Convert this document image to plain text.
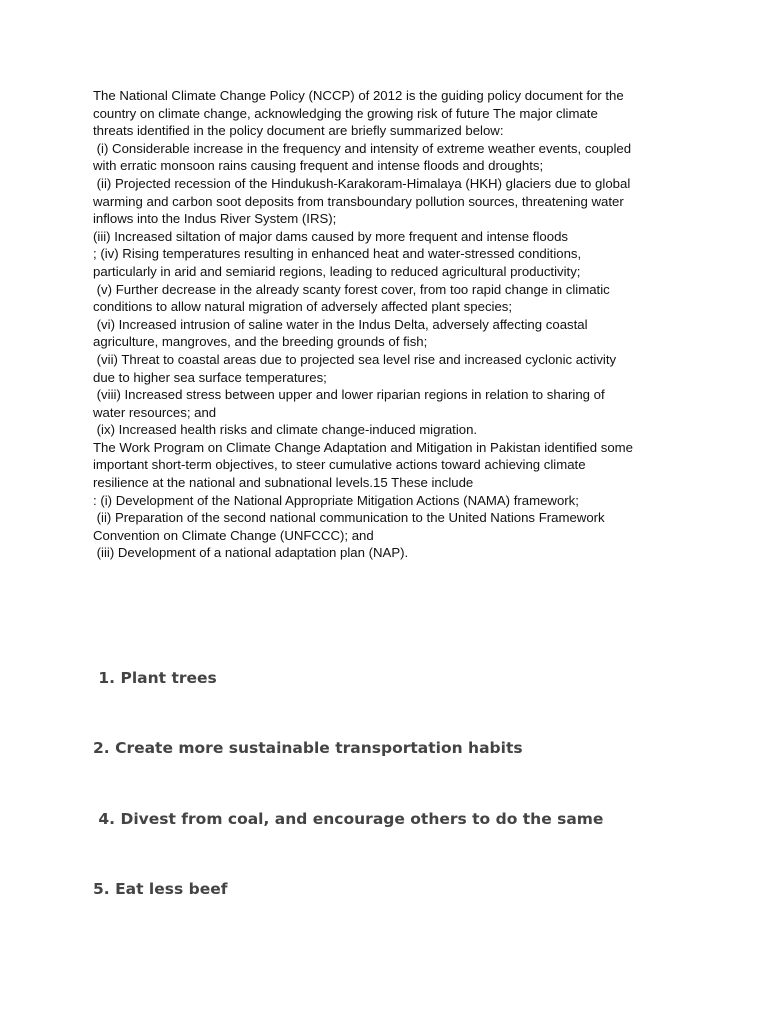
The National Climate Change Policy (NCCP) of 2012 is the guiding policy document for the
country on climate change, acknowledging the growing risk of future The major climate
threats identified in the policy document are briefly summarized below:
(i) Considerable increase in the frequency and intensity of extreme weather events, coupled
with erratic monsoon rains causing frequent and intense floods and droughts;
(ii) Projected recession of the Hindukush-Karakoram-Himalaya (HKH) glaciers due to global
warming and carbon soot deposits from transboundary pollution sources, threatening water
inflows into the Indus River System (IRS);
(iii) Increased siltation of major dams caused by more frequent and intense floods
; (iv) Rising temperatures resulting in enhanced heat and water-stressed conditions,
particularly in arid and semiarid regions, leading to reduced agricultural productivity;
(v) Further decrease in the already scanty forest cover, from too rapid change in climatic
conditions to allow natural migration of adversely affected plant species;
(vi) Increased intrusion of saline water in the Indus Delta, adversely affecting coastal
agriculture, mangroves, and the breeding grounds of fish;
(vii) Threat to coastal areas due to projected sea level rise and increased cyclonic activity
due to higher sea surface temperatures;
(viii) Increased stress between upper and lower riparian regions in relation to sharing of
water resources; and
(ix) Increased health risks and climate change-induced migration.
The Work Program on Climate Change Adaptation and Mitigation in Pakistan identified some
important short-term objectives, to steer cumulative actions toward achieving climate
resilience at the national and subnational levels.15 These include
: (i) Development of the National Appropriate Mitigation Actions (NAMA) framework;
(ii) Preparation of the second national communication to the United Nations Framework
Convention on Climate Change (UNFCCC); and
(iii) Development of a national adaptation plan (NAP).
1. Plant trees
2. Create more sustainable transportation habits
4. Divest from coal, and encourage others to do the same
5. Eat less beef
